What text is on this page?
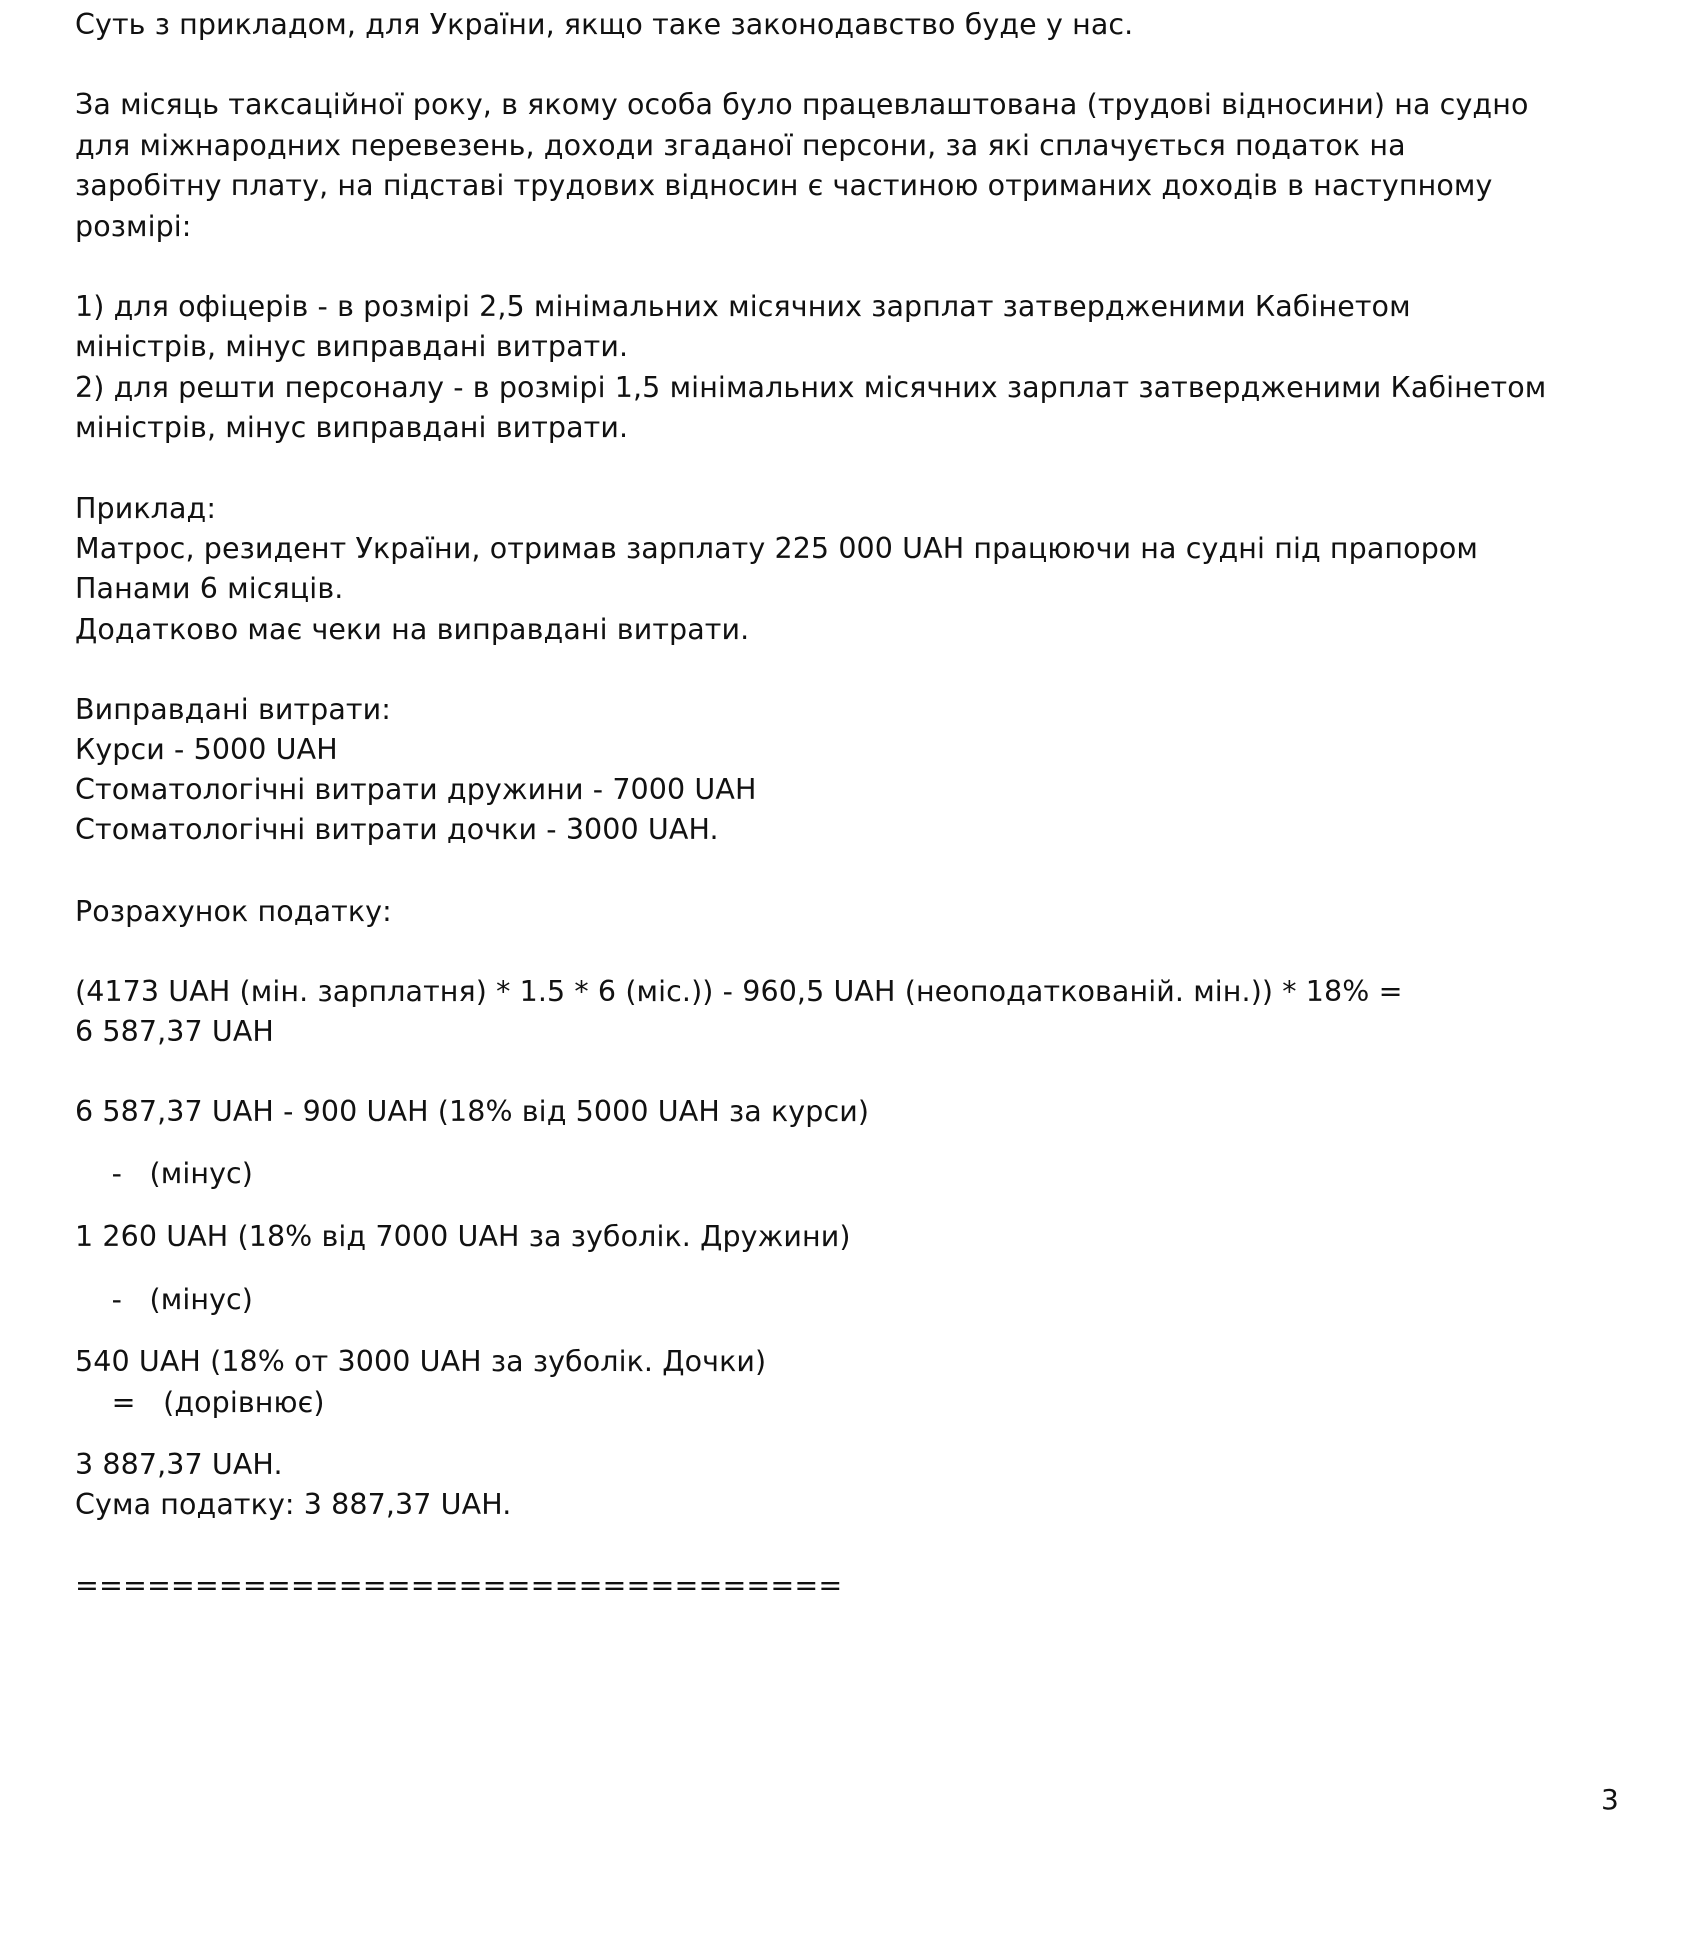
Суть з прикладом, для України, якщо таке законодавство буде у нас.
За місяць таксаційної року, в якому особа було працевлаштована (трудові відносини) на судно
для міжнародних перевезень, доходи згаданої персони, за які сплачується податок на
заробітну плату, на підставі трудових відносин є частиною отриманих доходів в наступному
розмірі:
1) для офіцерів - в розмірі 2,5 мінімальних місячних зарплат затвердженими Кабінетом
міністрів, мінус виправдані витрати.
2) для решти персоналу - в розмірі 1,5 мінімальних місячних зарплат затвердженими Кабінетом
міністрів, мінус виправдані витрати.
Приклад:
Матрос, резидент України, отримав зарплату 225 000 UAH працюючи на судні під прапором
Панами 6 місяців.
Додатково має чеки на виправдані витрати.
Виправдані витрати:
Курси - 5000 UAH
Стоматологічні витрати дружини - 7000 UAH
Стоматологічні витрати дочки - 3000 UAH.
Розрахунок податку:
(4173 UAH (мін. зарплатня) * 1.5 * 6 (міс.)) - 960,5 UAH (неоподаткованій. мін.)) * 18% =
6 587,37 UAH
6 587,37 UAH - 900 UAH (18% від 5000 UAH за курси)
-   (мінус)
1 260 UAH (18% від 7000 UAH за зуболік. Дружини)
-   (мінус)
540 UAH (18% от 3000 UAH за зуболік. Дочки)
=   (дорівнює)
3 887,37 UAH.
Сума податку: 3 887,37 UAH.
================================
3
